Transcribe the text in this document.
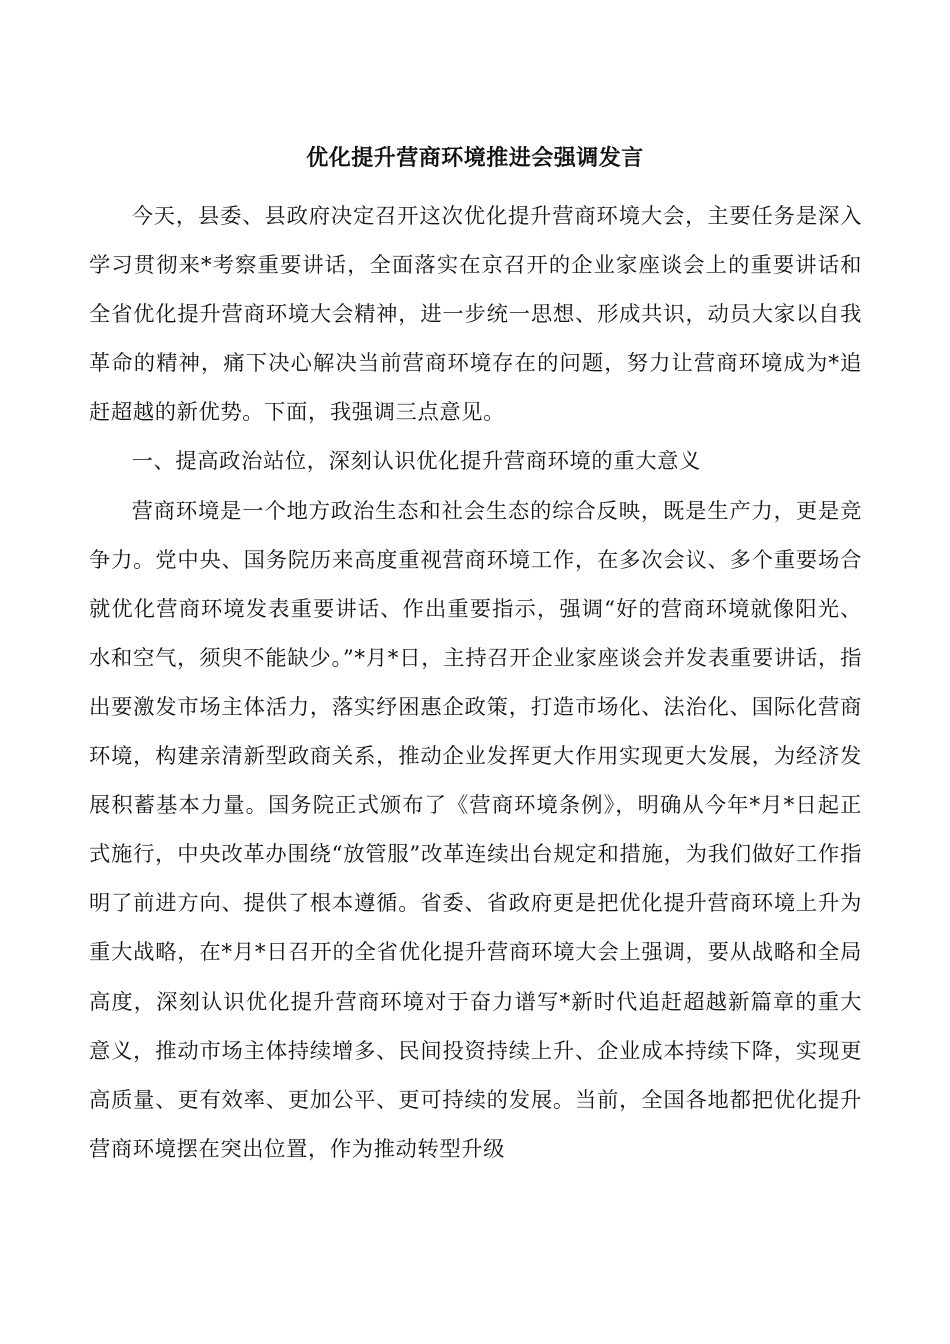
优化提升营商环境推进会强调发言

今天，县委、县政府决定召开这次优化提升营商环境大会，主要任务是深入学习贯彻来*考察重要讲话，全面落实在京召开的企业家座谈会上的重要讲话和全省优化提升营商环境大会精神，进一步统一思想、形成共识，动员大家以自我革命的精神，痛下决心解决当前营商环境存在的问题，努力让营商环境成为*追赶超越的新优势。下面，我强调三点意见。

一、提高政治站位，深刻认识优化提升营商环境的重大意义

营商环境是一个地方政治生态和社会生态的综合反映，既是生产力，更是竞争力。党中央、国务院历来高度重视营商环境工作，在多次会议、多个重要场合就优化营商环境发表重要讲话、作出重要指示，强调“好的营商环境就像阳光、水和空气，须臾不能缺少。”*月*日，主持召开企业家座谈会并发表重要讲话，指出要激发市场主体活力，落实纾困惠企政策，打造市场化、法治化、国际化营商环境，构建亲清新型政商关系，推动企业发挥更大作用实现更大发展，为经济发展积蓄基本力量。国务院正式颁布了《营商环境条例》，明确从今年*月*日起正式施行，中央改革办围绕“放管服”改革连续出台规定和措施，为我们做好工作指明了前进方向、提供了根本遵循。省委、省政府更是把优化提升营商环境上升为重大战略，在*月*日召开的全省优化提升营商环境大会上强调，要从战略和全局高度，深刻认识优化提升营商环境对于奋力谱写*新时代追赶超越新篇章的重大意义，推动市场主体持续增多、民间投资持续上升、企业成本持续下降，实现更高质量、更有效率、更加公平、更可持续的发展。当前，全国各地都把优化提升营商环境摆在突出位置，作为推动转型升级
